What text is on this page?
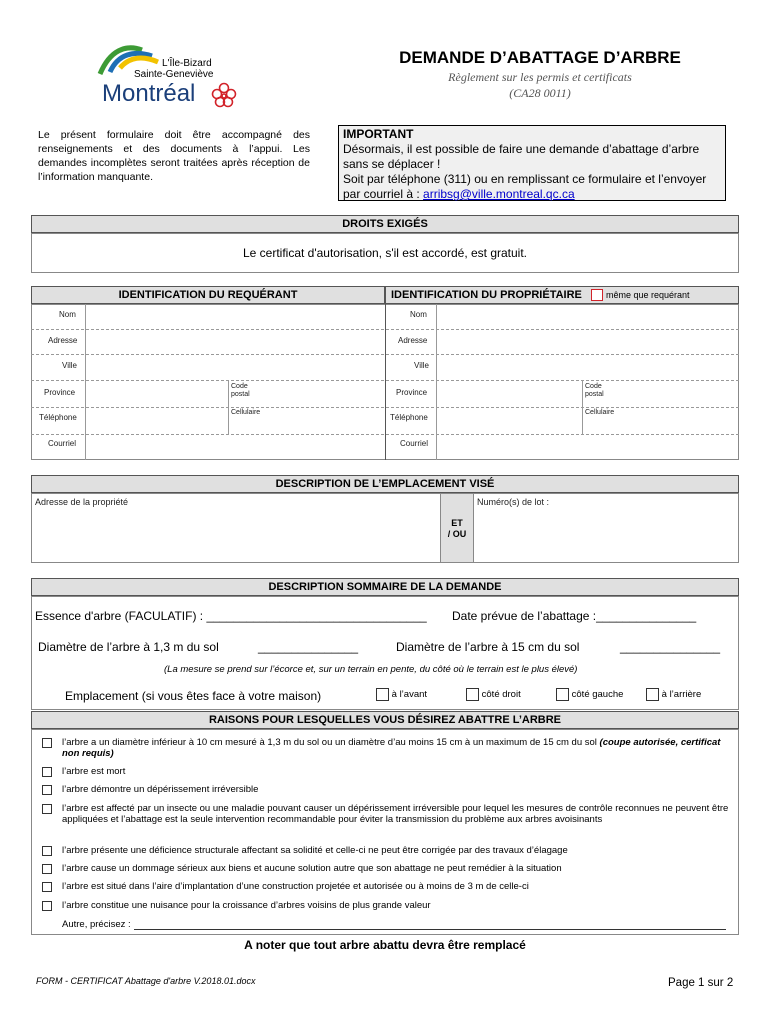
L'Île-Bizard
Sainte-Geneviève
Montréal
DEMANDE D’ABATTAGE D’ARBRE
Règlement sur les permis et certificats
(CA28 0011)
Le présent formulaire doit être accompagné des renseignements et des documents à l’appui. Les demandes incomplètes seront traitées après réception de l’information manquante.
IMPORTANT
Désormais, il est possible de faire une demande d’abattage d’arbre sans se déplacer !
Soit par téléphone (311) ou en remplissant ce formulaire et l’envoyer par courriel à : arribsg@ville.montreal.qc.ca
DROITS EXIGÉS
Le certificat d'autorisation, s'il est accordé, est gratuit.
IDENTIFICATION DU REQUÉRANT	IDENTIFICATION DU PROPRIÉTAIRE	même que requérant
Nom
Adresse
Ville
Province
Code
postal
Téléphone
Cellulaire
Courriel
Nom
Adresse
Ville
Province
Code
postal
Téléphone
Cellulaire
Courriel
DESCRIPTION DE L’EMPLACEMENT VISÉ
ET
/ OU
Adresse de la propriété	Numéro(s) de lot :
DESCRIPTION SOMMAIRE DE LA DEMANDE
Essence d'arbre (FACULATIF) : _________________________________ Date prévue de l’abattage :_______________
Diamètre de l’arbre à 1,3 m du sol	_______________	Diamètre de l’arbre à 15 cm du sol	_______________
(La mesure se prend sur l’écorce et, sur un terrain en pente, du côté où le terrain est le plus élevé)
Emplacement (si vous êtes face à votre maison)	à l’avant	côté droit	côté gauche	à l’arrière
RAISONS POUR LESQUELLES VOUS DÉSIREZ ABATTRE L’ARBRE
l’arbre a un diamètre inférieur à 10 cm mesuré à 1,3 m du sol ou un diamètre d’au moins 15 cm à un maximum de 15 cm du sol (coupe autorisée, certificat non requis)
l’arbre est mort
l’arbre démontre un dépérissement irréversible
l’arbre est affecté par un insecte ou une maladie pouvant causer un dépérissement irréversible pour lequel les mesures de contrôle reconnues ne peuvent être appliquées et l’abattage est la seule intervention recommandable pour éviter la transmission du problème aux arbres avoisinants
l’arbre présente une déficience structurale affectant sa solidité et celle-ci ne peut être corrigée par des travaux d’élagage
l’arbre cause un dommage sérieux aux biens et aucune solution autre que son abattage ne peut remédier à la situation
l’arbre est situé dans l’aire d’implantation d’une construction projetée et autorisée ou à moins de 3 m de celle-ci
l’arbre constitue une nuisance pour la croissance d’arbres voisins de plus grande valeur
Autre, précisez :
A noter que tout arbre abattu devra être remplacé
FORM - CERTIFICAT Abattage d'arbre V.2018.01.docx	Page 1 sur 2
